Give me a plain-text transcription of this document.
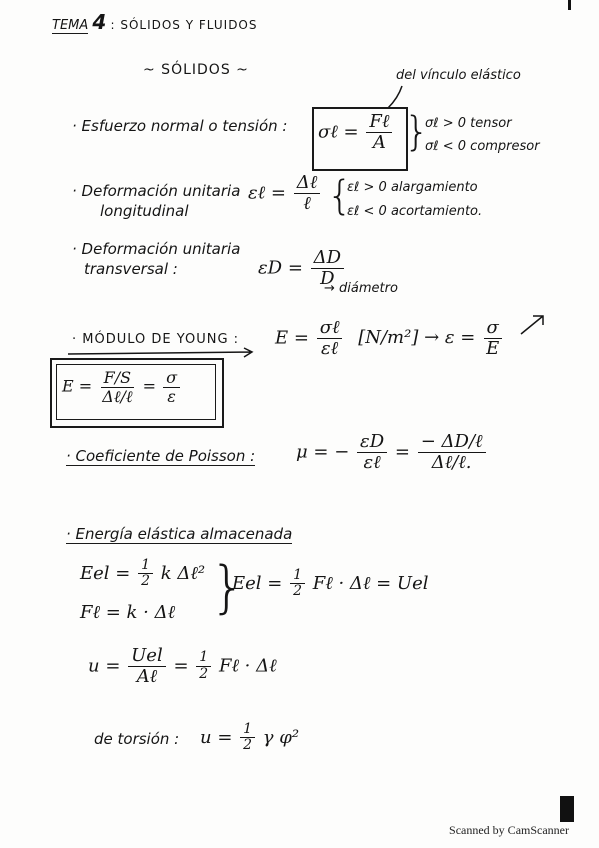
TEMA 4 : SÓLIDOS Y FLUIDOS
~ SÓLIDOS ~	del vínculo elástico
· Esfuerzo normal o tensión : σℓ = $\frac{\text{Fℓ}}{A}$ }
σℓ > 0 tensor
σℓ < 0 compresor
· Deformación unitaria
longitudinal
εℓ = $\frac{\text{Δℓ}}{\text{ℓ}}$ {
εℓ > 0 alargamiento
εℓ < 0 acortamiento.
· Deformación unitaria
transversal :	$\varepsilon D = \frac{\Delta D}{D}$
→ diámetro
· MÓDULO DE YOUNG : $E = \frac{\text{σℓ}}{\text{εℓ}} [N/m^2] \to \varepsilon = \frac{\sigma}{E}$
$E = \frac{F/S}{\text{Δℓ/ℓ}} = \frac{\sigma}{\varepsilon}$
· Coeficiente de Poisson : μ = − $\frac{\varepsilon D}{\text{εℓ}} = \frac{\text{− ΔD/ℓ}}{\text{Δℓ/ℓ.}}$
· Energía elástica almacenada
Eel = $\frac{1}{2}$ k Δℓ²
Fℓ = k · Δℓ }
Eel = $\frac{1}{2}$ Fℓ · Δℓ = Uel
$u = \frac{\text{Uel}}{\text{Aℓ}} = \frac{1}{2}$ Fℓ · Δℓ
de torsión : $u = \frac{1}{2}$ γ φ²
Scanned by CamScanner
